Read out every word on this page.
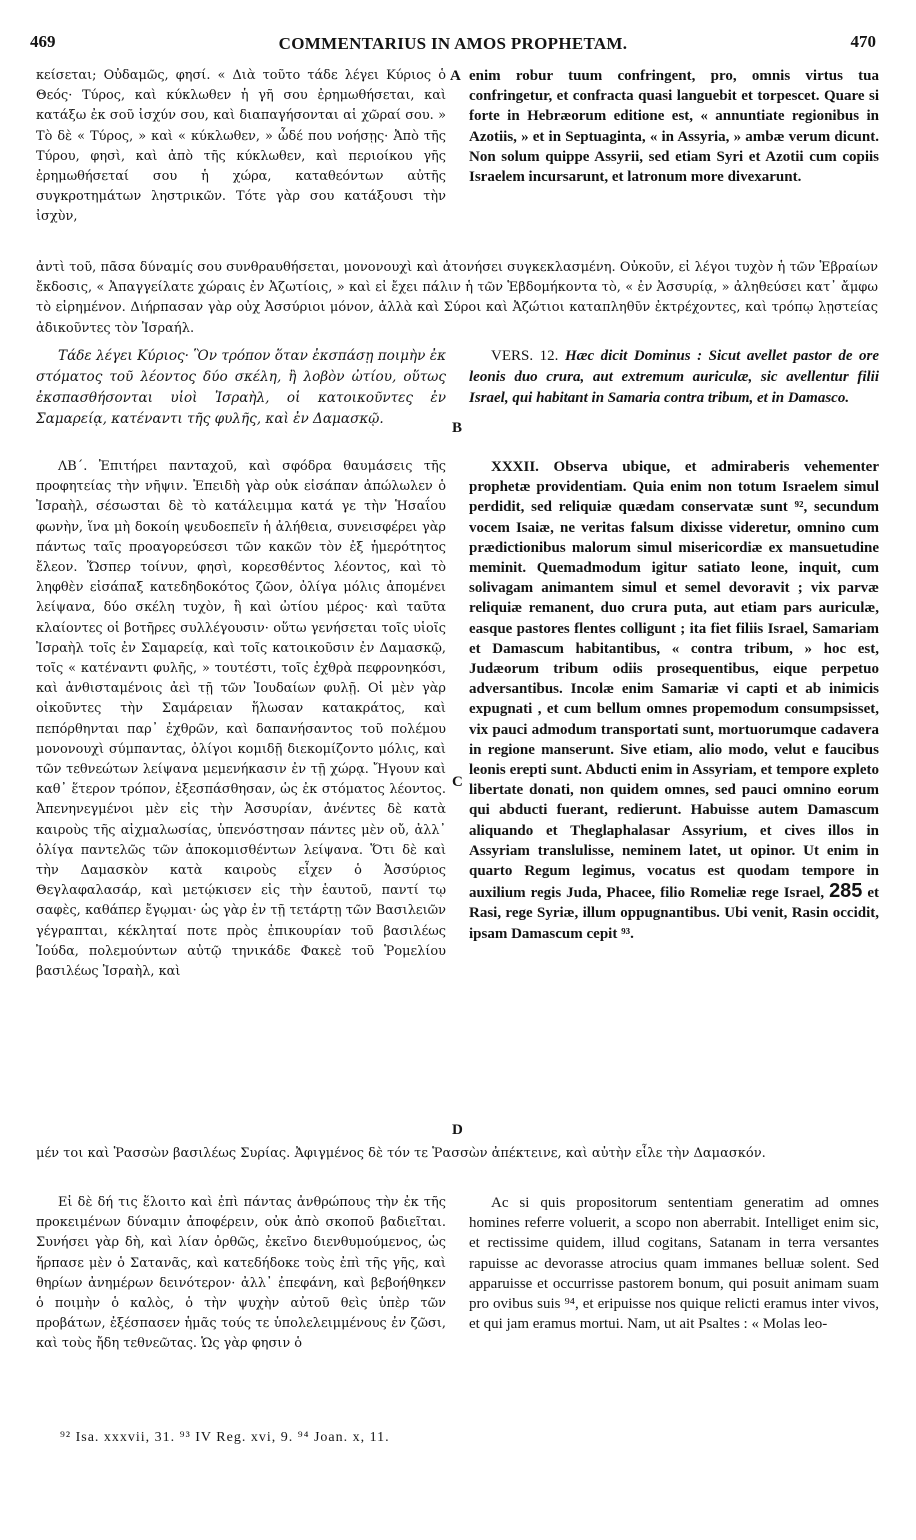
469	COMMENTARIUS IN AMOS PROPHETAM.	470

κείσεται; Οὐδαμῶς, φησί. « Διὰ τοῦτο τάδε λέγει Κύριος ὁ Θεός· Τύρος, καὶ κύκλωθεν ἡ γῆ σου ἐρημωθήσεται, καὶ κατάξω ἐκ σοῦ ἰσχύν σου, καὶ διαπαγήσονται αἱ χῶραί σου. » Τὸ δὲ « Τύρος, » καὶ « κύκλωθεν, » ὧδέ που νοήσῃς· Ἀπὸ τῆς Τύρου, φησὶ, καὶ ἀπὸ τῆς κύκλωθεν, καὶ περιοίκου γῆς ἐρημωθήσεταί σου ἡ χώρα, καταθεόντων αὐτῆς συγκροτημάτων ληστρικῶν. Τότε γὰρ σου κατάξουσι τὴν ἰσχὺν,

A enim robur tuum confringent, pro, omnis virtus tua confringetur, et confracta quasi languebit et torpescet. Quare si forte in Hebræorum editione est, « annuntiate regionibus in Azotiis, » et in Septuaginta, « in Assyria, » ambæ verum dicunt. Non solum quippe Assyrii, sed etiam Syri et Azotii cum copiis Israelem incursarunt, et latronum more divexarunt.

ἀντὶ τοῦ, πᾶσα δύναμίς σου συνθραυθήσεται, μονονουχὶ καὶ ἀτονήσει συγκεκλασμένη. Οὐκοῦν, εἰ λέγοι τυχὸν ἡ τῶν Ἑβραίων ἔκδοσις, « Ἀπαγγείλατε χώραις ἐν Ἀζωτίοις, » καὶ εἰ ἔχει πάλιν ἡ τῶν Ἑβδομήκοντα τὸ, « ἐν Ἀσσυρίᾳ, » ἀληθεύσει κατ᾽ ἄμφω τὸ εἰρημένον. Διήρπασαν γὰρ οὐχ Ἀσσύριοι μόνον, ἀλλὰ καὶ Σύροι καὶ Ἀζώτιοι καταπληθῦν ἐκτρέχοντες, καὶ τρόπῳ λῃστείας ἀδικοῦντες τὸν Ἰσραήλ.

Τάδε λέγει Κύριος· Ὃν τρόπον ὅταν ἐκσπάσῃ ποιμὴν ἐκ στόματος τοῦ λέοντος δύο σκέλη, ἢ λοβὸν ὠτίου, οὕτως ἐκσπασθήσονται υἱοὶ Ἰσραὴλ, οἱ κατοικοῦντες ἐν Σαμαρείᾳ, κατέναντι τῆς φυλῆς, καὶ ἐν Δαμασκῷ.

B

VERS. 12. Hæc dicit Dominus : Sicut avellet pastor de ore leonis duo crura, aut extremum auriculæ, sic avellentur filii Israel, qui habitant in Samaria contra tribum, et in Damasco.

ΛΒ΄. Ἐπιτήρει πανταχοῦ, καὶ σφόδρα θαυμάσεις τῆς προφητείας τὴν νῆψιν. Ἐπειδὴ γὰρ οὐκ εἰσάπαν ἀπώλωλεν ὁ Ἰσραὴλ, σέσωσται δὲ τὸ κατάλειμμα κατά γε τὴν Ἡσαΐου φωνὴν, ἵνα μὴ δοκοίη ψευδοεπεῖν ἡ ἀλήθεια, συνεισφέρει γὰρ πάντως ταῖς προαγορεύσεσι τῶν κακῶν τὸν ἐξ ἡμερότητος ἔλεον. Ὥσπερ τοίνυν, φησὶ, κορεσθέντος λέοντος, καὶ τὸ ληφθὲν εἰσάπαξ κατεδηδοκότος ζῶον, ὀλίγα μόλις ἀπομένει λείψανα, δύο σκέλη τυχὸν, ἢ καὶ ὠτίου μέρος· καὶ ταῦτα κλαίοντες οἱ βοτῆρες συλλέγουσιν· οὕτω γενήσεται τοῖς υἱοῖς Ἰσραὴλ τοῖς ἐν Σαμαρείᾳ, καὶ τοῖς κατοικοῦσιν ἐν Δαμασκῷ, τοῖς « κατέναντι φυλῆς, » τουτέστι, τοῖς ἐχθρὰ πεφρονηκόσι, καὶ ἀνθισταμένοις ἀεὶ τῇ τῶν Ἰουδαίων φυλῇ. Οἱ μὲν γὰρ οἰκοῦντες τὴν Σαμάρειαν ἥλωσαν κατακράτος, καὶ πεπόρθηνται παρ᾽ ἐχθρῶν, καὶ δαπανήσαντος τοῦ πολέμου μονονουχὶ σύμπαντας, ὀλίγοι κομιδῇ διεκομίζοντο μόλις, καὶ τῶν τεθνεώτων λείψανα μεμενήκασιν ἐν τῇ χώρᾳ. Ἤγουν καὶ καθ᾽ ἕτερον τρόπον, ἐξεσπάσθησαν, ὡς ἐκ στόματος λέοντος. Ἀπενηνεγμένοι μὲν εἰς τὴν Ἀσσυρίαν, ἀνέντες δὲ κατὰ καιροὺς τῆς αἰχμαλωσίας, ὑπενόστησαν πάντες μὲν οὔ, ἀλλ᾽ ὀλίγα παντελῶς τῶν ἀποκομισθέντων λείψανα. Ὅτι δὲ καὶ τὴν Δαμασκὸν κατὰ καιροὺς εἶχεν ὁ Ἀσσύριος Θεγλαφαλασάρ, καὶ μετῴκισεν εἰς τὴν ἑαυτοῦ, παντί τῳ σαφὲς, καθάπερ ἔγῳμαι· ὡς γὰρ ἐν τῇ τετάρτῃ τῶν Βασιλειῶν γέγραπται, κέκληταί ποτε πρὸς ἐπικουρίαν τοῦ βασιλέως Ἰούδα, πολεμούντων αὐτῷ τηνικάδε Φακεὲ τοῦ Ῥομελίου βασιλέως Ἰσραὴλ, καὶ

C
D

XXXII. Observa ubique, et admiraberis vehementer prophetæ providentiam. Quia enim non totum Israelem simul perdidit, sed reliquiæ quædam conservatæ sunt ⁹², secundum vocem Isaiæ, ne veritas falsum dixisse videretur, omnino cum prædictionibus malorum simul misericordiæ ex mansuetudine meminit. Quemadmodum igitur satiato leone, inquit, cum solivagam animantem simul et semel devoravit ; vix parvæ reliquiæ remanent, duo crura puta, aut etiam pars auriculæ, easque pastores flentes colligunt ; ita fiet filiis Israel, Samariam et Damascum habitantibus, « contra tribum, » hoc est, Judæorum tribum odiis prosequentibus, eique perpetuo adversantibus. Incolæ enim Samariæ vi capti et ab inimicis expugnati , et cum bellum omnes propemodum consumpsisset, vix pauci admodum transportati sunt, mortuorumque cadavera in regione manserunt. Sive etiam, alio modo, velut e faucibus leonis erepti sunt. Abducti enim in Assyriam, et tempore expleto libertate donati, non quidem omnes, sed pauci omnino eorum qui abducti fuerant, redierunt. Habuisse autem Damascum aliquando et Theglaphalasar Assyrium, et cives illos in Assyriam translulisse, neminem latet, ut opinor. Ut enim in quarto Regum legimus, vocatus est quodam tempore in auxilium regis Juda, Phacee, filio Romeliæ rege Israel, 285 et Rasi, rege Syriæ, illum oppugnantibus. Ubi venit, Rasin occidit, ipsam Damascum cepit ⁹³.

μέν τοι καὶ Ῥασσὼν βασιλέως Συρίας. Ἀφιγμένος δὲ τόν τε Ῥασσὼν ἀπέκτεινε, καὶ αὐτὴν εἷλε τὴν Δαμασκόν.

Εἰ δὲ δή τις ἕλοιτο καὶ ἐπὶ πάντας ἀνθρώπους τὴν ἐκ τῆς προκειμένων δύναμιν ἀποφέρειν, οὐκ ἀπὸ σκοποῦ βαδιεῖται. Συνήσει γὰρ δὴ, καὶ λίαν ὀρθῶς, ἐκεῖνο διενθυμούμενος, ὡς ἥρπασε μὲν ὁ Σατανᾶς, καὶ κατεδήδοκε τοὺς ἐπὶ τῆς γῆς, καὶ θηρίων ἀνημέρων δεινότερον· ἀλλ᾽ ἐπεφάνη, καὶ βεβοήθηκεν ὁ ποιμὴν ὁ καλὸς, ὁ τὴν ψυχὴν αὐτοῦ θεὶς ὑπὲρ τῶν προβάτων, ἐξέσπασεν ἡμᾶς τούς τε ὑπολελειμμένους ἐν ζῶσι, καὶ τοὺς ἤδη τεθνεῶτας. Ὡς γὰρ φησιν ὁ

Ac si quis propositorum sententiam generatim ad omnes homines referre voluerit, a scopo non aberrabit. Intelliget enim sic, et rectissime quidem, illud cogitans, Satanam in terra versantes rapuisse ac devorasse atrocius quam immanes belluæ solent. Sed apparuisse et occurrisse pastorem bonum, qui posuit animam suam pro ovibus suis ⁹⁴, et eripuisse nos quique relicti eramus inter vivos, et qui jam eramus mortui. Nam, ut ait Psaltes : « Molas leo-

⁹² Isa. xxxvii, 31. ⁹³ IV Reg. xvi, 9. ⁹⁴ Joan. x, 11.
